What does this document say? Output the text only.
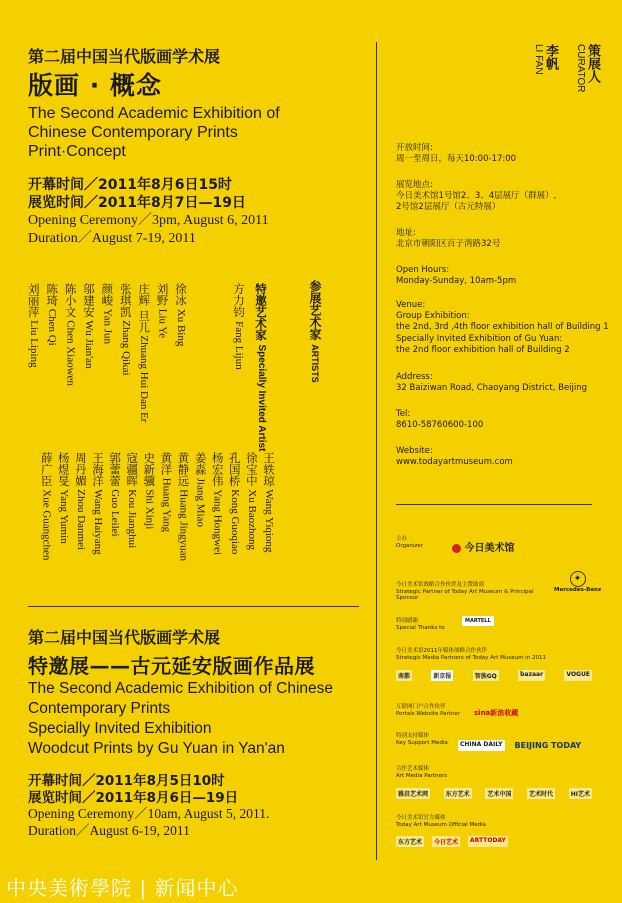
第二届中国当代版画学术展
版画 · 概念
The Second Academic Exhibition of
Chinese Contemporary Prints
Print·Concept
开幕时间／2011年8月6日15时
展览时间／2011年8月7日—19日
Opening Ceremony／3pm, August 6, 2011
Duration／August 7-19, 2011
参展艺术家 ARTISTS
特邀艺术家 Specially Invited Artist
方力钧 Fang Lijun
徐冰 Xu Bing
刘野 Liu Ye
庄辉 旦儿 Zhuang Hui Dan Er
张琪凯 Zhang Qikai
颜峻 Yan Jun
邬建安 Wu Jian'an
陈小文 Chen Xiaowen
陈琦 Chen Qi
刘丽萍 Liu Liping
王轶琼 Wang Yiqiong
徐宝中 Xu Baozhong
孔国桥 Kong Guoqiao
杨宏伟 Yang Hongwei
姜淼 Jiang Miao
黄静远 Huang Jingyuan
黄洋 Huang Yang
史新骥 Shi Xinji
寇疆晖 Kou Jianghui
郭蕾蕾 Guo Leilei
王海洋 Wang Haiyang
周丹媚 Zhou Danmei
杨煜旻 Yang Yumin
薛广臣 Xue Guangchen
策展人
CURATOR
李帆
LI FAN
开放时间:
周一至周日，每天10:00-17:00
展览地点:
今日美术馆1号馆2、3、4层展厅（群展）,
2号馆2层展厅（古元特展）
地址:
北京市朝阳区百子湾路32号
Open Hours:
Monday-Sunday, 10am-5pm
Venue:
Group Exhibition:
the 2nd, 3rd ,4th floor exhibition hall of Building 1
Specially Invited Exhibition of Gu Yuan:
the 2nd floor exhibition hall of Building 2
Address:
32 Baiziwan Road, Chaoyang District, Beijing
Tel:
8610-58760600-100
Website:
www.todayartmuseum.com
主办
Organizer	今日美术馆
今日美术馆战略合作伙伴及主赞助商
Strategic Partner of Today Art Museum & Principal Sponsor
✦
Mercedes-Benz
特别感谢
Special Thanks to
MARTELL
今日美术馆2011年媒体战略合作伙伴
Strategic Media Partners of Today Art Museum in 2011
南都	新京报	智族GQ	bazaar	VOGUE
互联网门户合作伙伴
Portals Website Partner sina新浪收藏
特别支持媒体
Key Support Media	CHINA DAILY BEIJING TODAY
合作艺术媒体
Art Media Partners
雅昌艺术网	东方艺术	艺术中国	艺术时代	HI艺术
今日美术馆官方媒体
Today Art Museum Official Media
东方艺术	今日艺术	ARTTODAY
第二届中国当代版画学术展
特邀展——古元延安版画作品展
The Second Academic Exhibition of Chinese
Contemporary Prints
Specially Invited Exhibition
Woodcut Prints by Gu Yuan in Yan'an
开幕时间／2011年8月5日10时
展览时间／2011年8月6日—19日
Opening Ceremony／10am, August 5, 2011.
Duration／August 6-19, 2011
中央美術學院 | 新闻中心
